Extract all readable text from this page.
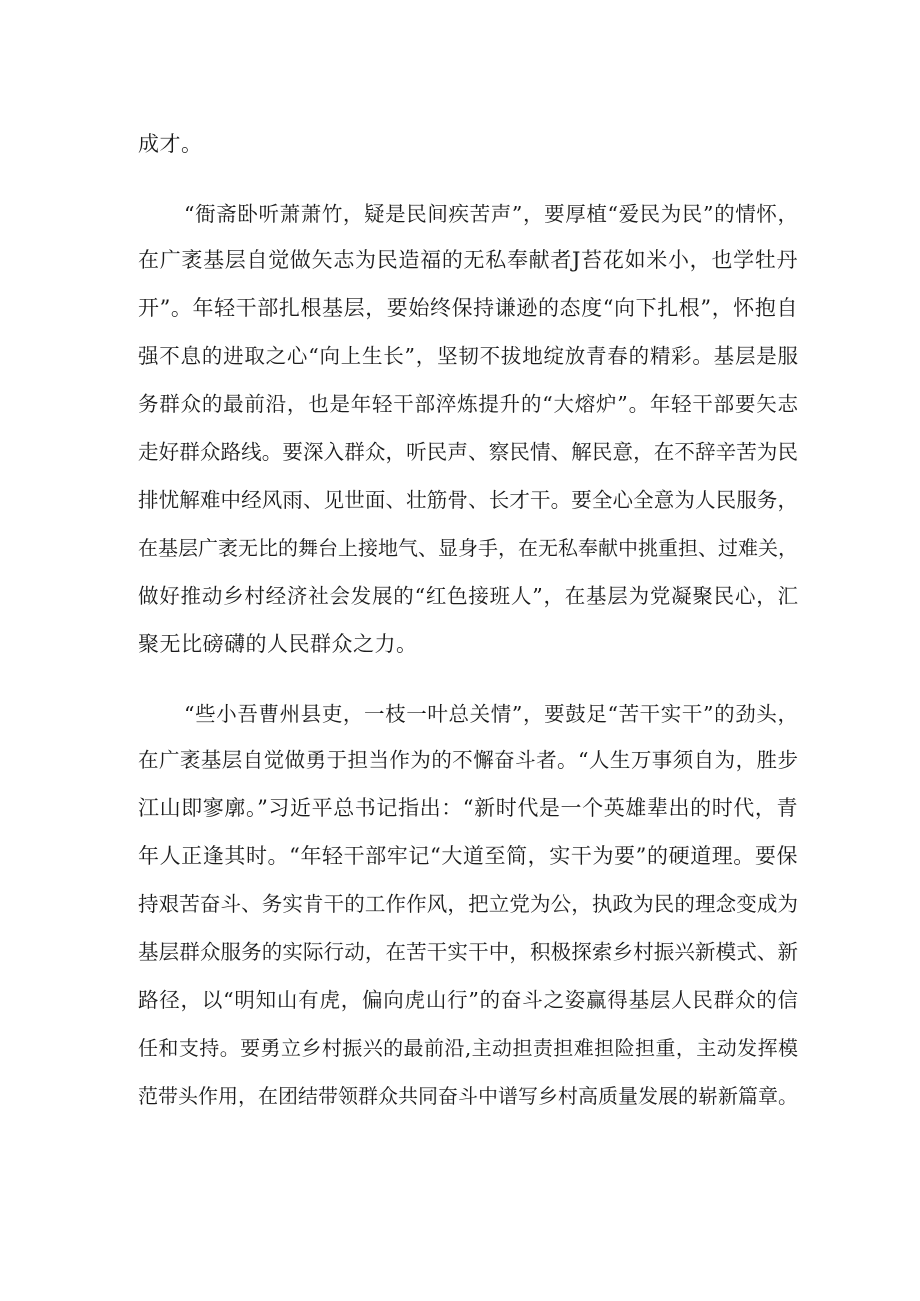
成才。
“衙斋卧听萧萧竹，疑是民间疾苦声”，要厚植“爱民为民”的情怀，
在广袤基层自觉做矢志为民造福的无私奉献者J苔花如米小，也学牡丹
开”。年轻干部扎根基层，要始终保持谦逊的态度“向下扎根”，怀抱自
强不息的进取之心“向上生长”，坚韧不拔地绽放青春的精彩。基层是服
务群众的最前沿，也是年轻干部淬炼提升的“大熔炉”。年轻干部要矢志
走好群众路线。要深入群众，听民声、察民情、解民意，在不辞辛苦为民
排忧解难中经风雨、见世面、壮筋骨、长才干。要全心全意为人民服务，
在基层广袤无比的舞台上接地气、显身手，在无私奉献中挑重担、过难关，
做好推动乡村经济社会发展的“红色接班人”，在基层为党凝聚民心，汇
聚无比磅礴的人民群众之力。
“些小吾曹州县吏，一枝一叶总关情”，要鼓足“苦干实干”的劲头，
在广袤基层自觉做勇于担当作为的不懈奋斗者。“人生万事须自为，胜步
江山即寥廓。”习近平总书记指出：“新时代是一个英雄辈出的时代，青
年人正逢其时。“年轻干部牢记“大道至简，实干为要”的硬道理。要保
持艰苦奋斗、务实肯干的工作作风，把立党为公，执政为民的理念变成为
基层群众服务的实际行动，在苦干实干中，积极探索乡村振兴新模式、新
路径，以“明知山有虎，偏向虎山行”的奋斗之姿赢得基层人民群众的信
任和支持。要勇立乡村振兴的最前沿,主动担责担难担险担重，主动发挥模
范带头作用，在团结带领群众共同奋斗中谱写乡村高质量发展的崭新篇章。
